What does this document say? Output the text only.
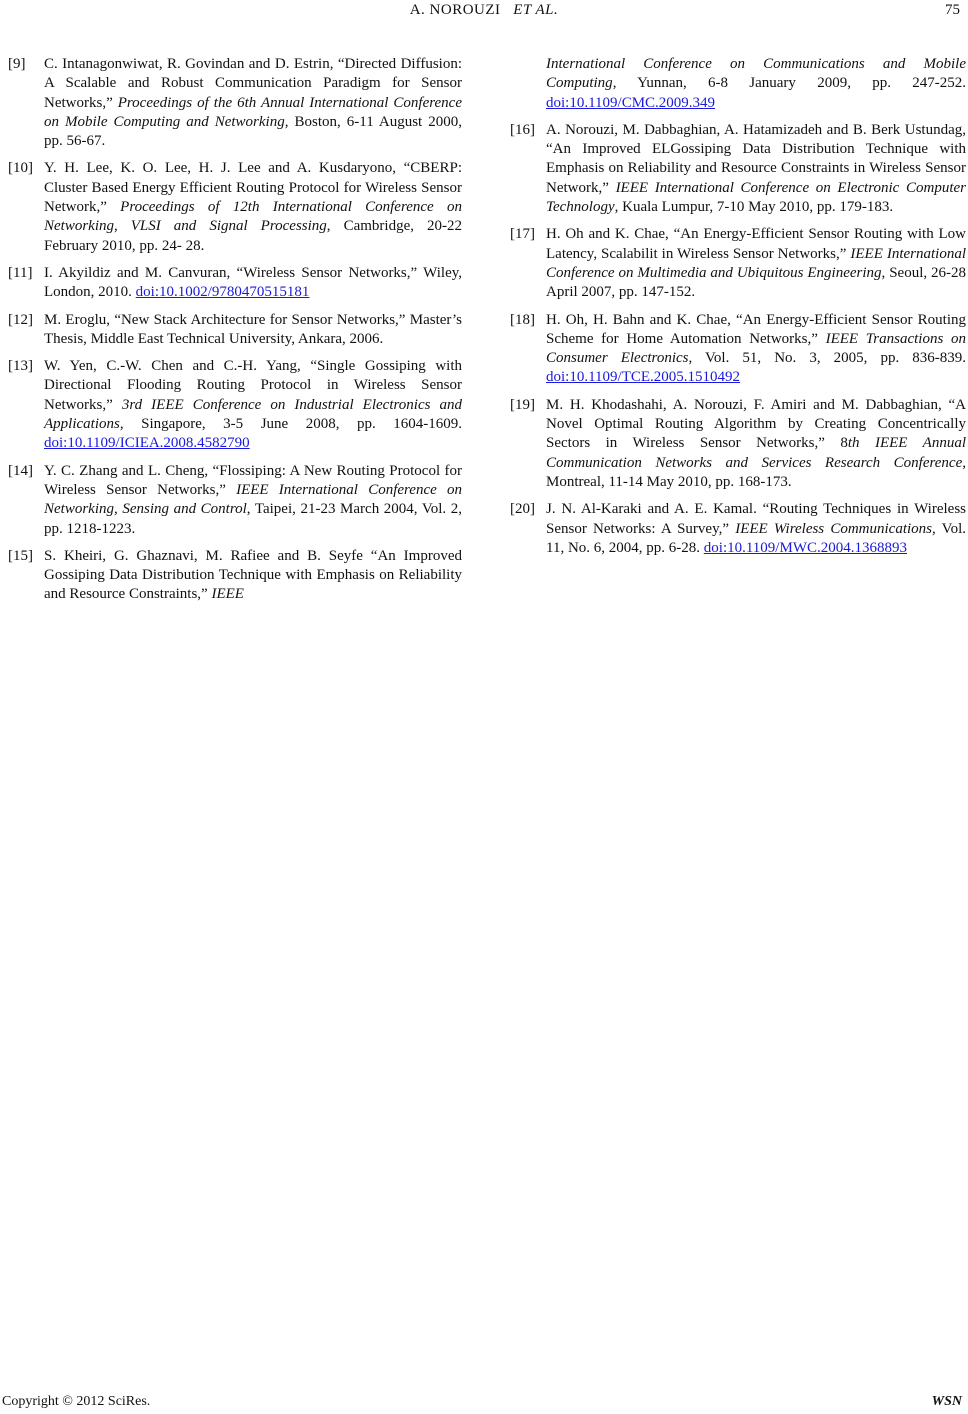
A. NOROUZI ET AL.	75
[9] C. Intanagonwiwat, R. Govindan and D. Estrin, “Directed Diffusion: A Scalable and Robust Communication Paradigm for Sensor Networks,” Proceedings of the 6th Annual International Conference on Mobile Computing and Networking, Boston, 6-11 August 2000, pp. 56-67.
[10] Y. H. Lee, K. O. Lee, H. J. Lee and A. Kusdaryono, “CBERP: Cluster Based Energy Efficient Routing Protocol for Wireless Sensor Network,” Proceedings of 12th International Conference on Networking, VLSI and Signal Processing, Cambridge, 20-22 February 2010, pp. 24- 28.
[11] I. Akyildiz and M. Canvuran, “Wireless Sensor Networks,” Wiley, London, 2010. doi:10.1002/9780470515181
[12] M. Eroglu, “New Stack Architecture for Sensor Networks,” Master’s Thesis, Middle East Technical University, Ankara, 2006.
[13] W. Yen, C.-W. Chen and C.-H. Yang, “Single Gossiping with Directional Flooding Routing Protocol in Wireless Sensor Networks,” 3rd IEEE Conference on Industrial Electronics and Applications, Singapore, 3-5 June 2008, pp. 1604-1609. doi:10.1109/ICIEA.2008.4582790
[14] Y. C. Zhang and L. Cheng, “Flossiping: A New Routing Protocol for Wireless Sensor Networks,” IEEE International Conference on Networking, Sensing and Control, Taipei, 21-23 March 2004, Vol. 2, pp. 1218-1223.
[15] S. Kheiri, G. Ghaznavi, M. Rafiee and B. Seyfe “An Improved Gossiping Data Distribution Technique with Emphasis on Reliability and Resource Constraints,” IEEE
International Conference on Communications and Mobile Computing, Yunnan, 6-8 January 2009, pp. 247-252. doi:10.1109/CMC.2009.349
[16] A. Norouzi, M. Dabbaghian, A. Hatamizadeh and B. Berk Ustundag, “An Improved ELGossiping Data Distribution Technique with Emphasis on Reliability and Resource Constraints in Wireless Sensor Network,” IEEE International Conference on Electronic Computer Technology, Kuala Lumpur, 7-10 May 2010, pp. 179-183.
[17] H. Oh and K. Chae, “An Energy-Efficient Sensor Routing with Low Latency, Scalabilit in Wireless Sensor Networks,” IEEE International Conference on Multimedia and Ubiquitous Engineering, Seoul, 26-28 April 2007, pp. 147-152.
[18] H. Oh, H. Bahn and K. Chae, “An Energy-Efficient Sensor Routing Scheme for Home Automation Networks,” IEEE Transactions on Consumer Electronics, Vol. 51, No. 3, 2005, pp. 836-839. doi:10.1109/TCE.2005.1510492
[19] M. H. Khodashahi, A. Norouzi, F. Amiri and M. Dabbaghian, “A Novel Optimal Routing Algorithm by Creating Concentrically Sectors in Wireless Sensor Networks,” 8th IEEE Annual Communication Networks and Services Research Conference, Montreal, 11-14 May 2010, pp. 168-173.
[20] J. N. Al-Karaki and A. E. Kamal. “Routing Techniques in Wireless Sensor Networks: A Survey,” IEEE Wireless Communications, Vol. 11, No. 6, 2004, pp. 6-28. doi:10.1109/MWC.2004.1368893
Copyright © 2012 SciRes.	WSN
